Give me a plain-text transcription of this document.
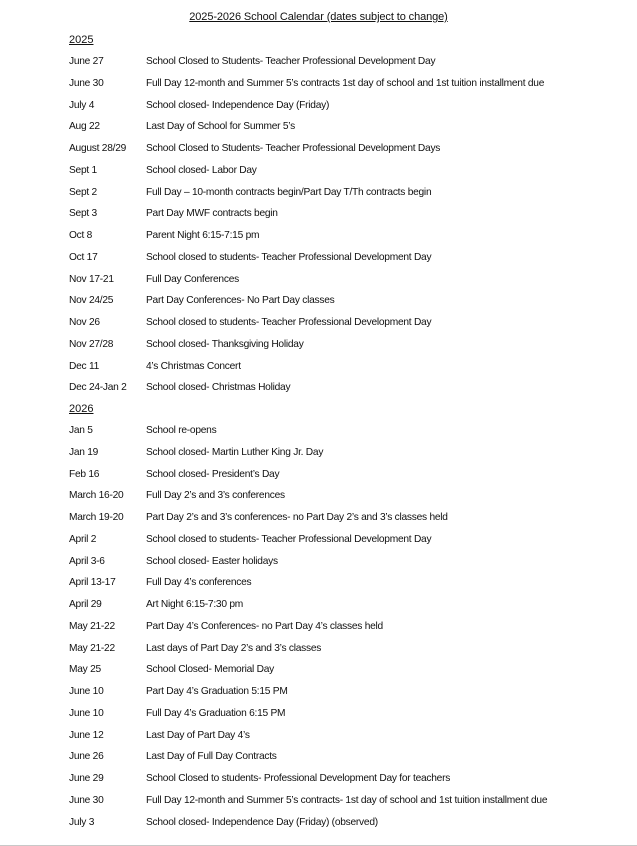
2025-2026 School Calendar (dates subject to change)
2025
June 27	School Closed to Students- Teacher Professional Development Day
June 30	Full Day 12-month and Summer 5’s contracts 1st day of school and 1st tuition installment due
July 4	School closed- Independence Day (Friday)
Aug 22	Last Day of School for Summer 5’s
August 28/29 School Closed to Students- Teacher Professional Development Days
Sept 1	School closed- Labor Day
Sept 2	Full Day – 10-month contracts begin/Part Day T/Th contracts begin
Sept 3	Part Day MWF contracts begin
Oct 8	Parent Night 6:15-7:15 pm
Oct 17	School closed to students- Teacher Professional Development Day
Nov 17-21	Full Day Conferences
Nov 24/25	Part Day Conferences- No Part Day classes
Nov 26	School closed to students- Teacher Professional Development Day
Nov 27/28	School closed- Thanksgiving Holiday
Dec 11	4’s Christmas Concert
Dec 24-Jan 2 School closed- Christmas Holiday
2026
Jan 5	School re-opens
Jan 19	School closed- Martin Luther King Jr. Day
Feb 16	School closed- President’s Day
March 16-20 Full Day 2’s and 3’s conferences
March 19-20 Part Day 2’s and 3’s conferences- no Part Day 2’s and 3’s classes held
April 2	School closed to students- Teacher Professional Development Day
April 3-6	School closed- Easter holidays
April 13-17	Full Day 4’s conferences
April 29	Art Night 6:15-7:30 pm
May 21-22	Part Day 4’s Conferences- no Part Day 4’s classes held
May 21-22	Last days of Part Day 2’s and 3’s classes
May 25	School Closed- Memorial Day
June 10	Part Day 4’s Graduation 5:15 PM
June 10	Full Day 4’s Graduation 6:15 PM
June 12	Last Day of Part Day 4’s
June 26	Last Day of Full Day Contracts
June 29	School Closed to students- Professional Development Day for teachers
June 30	Full Day 12-month and Summer 5’s contracts- 1st day of school and 1st tuition installment due
July 3	School closed- Independence Day (Friday) (observed)
